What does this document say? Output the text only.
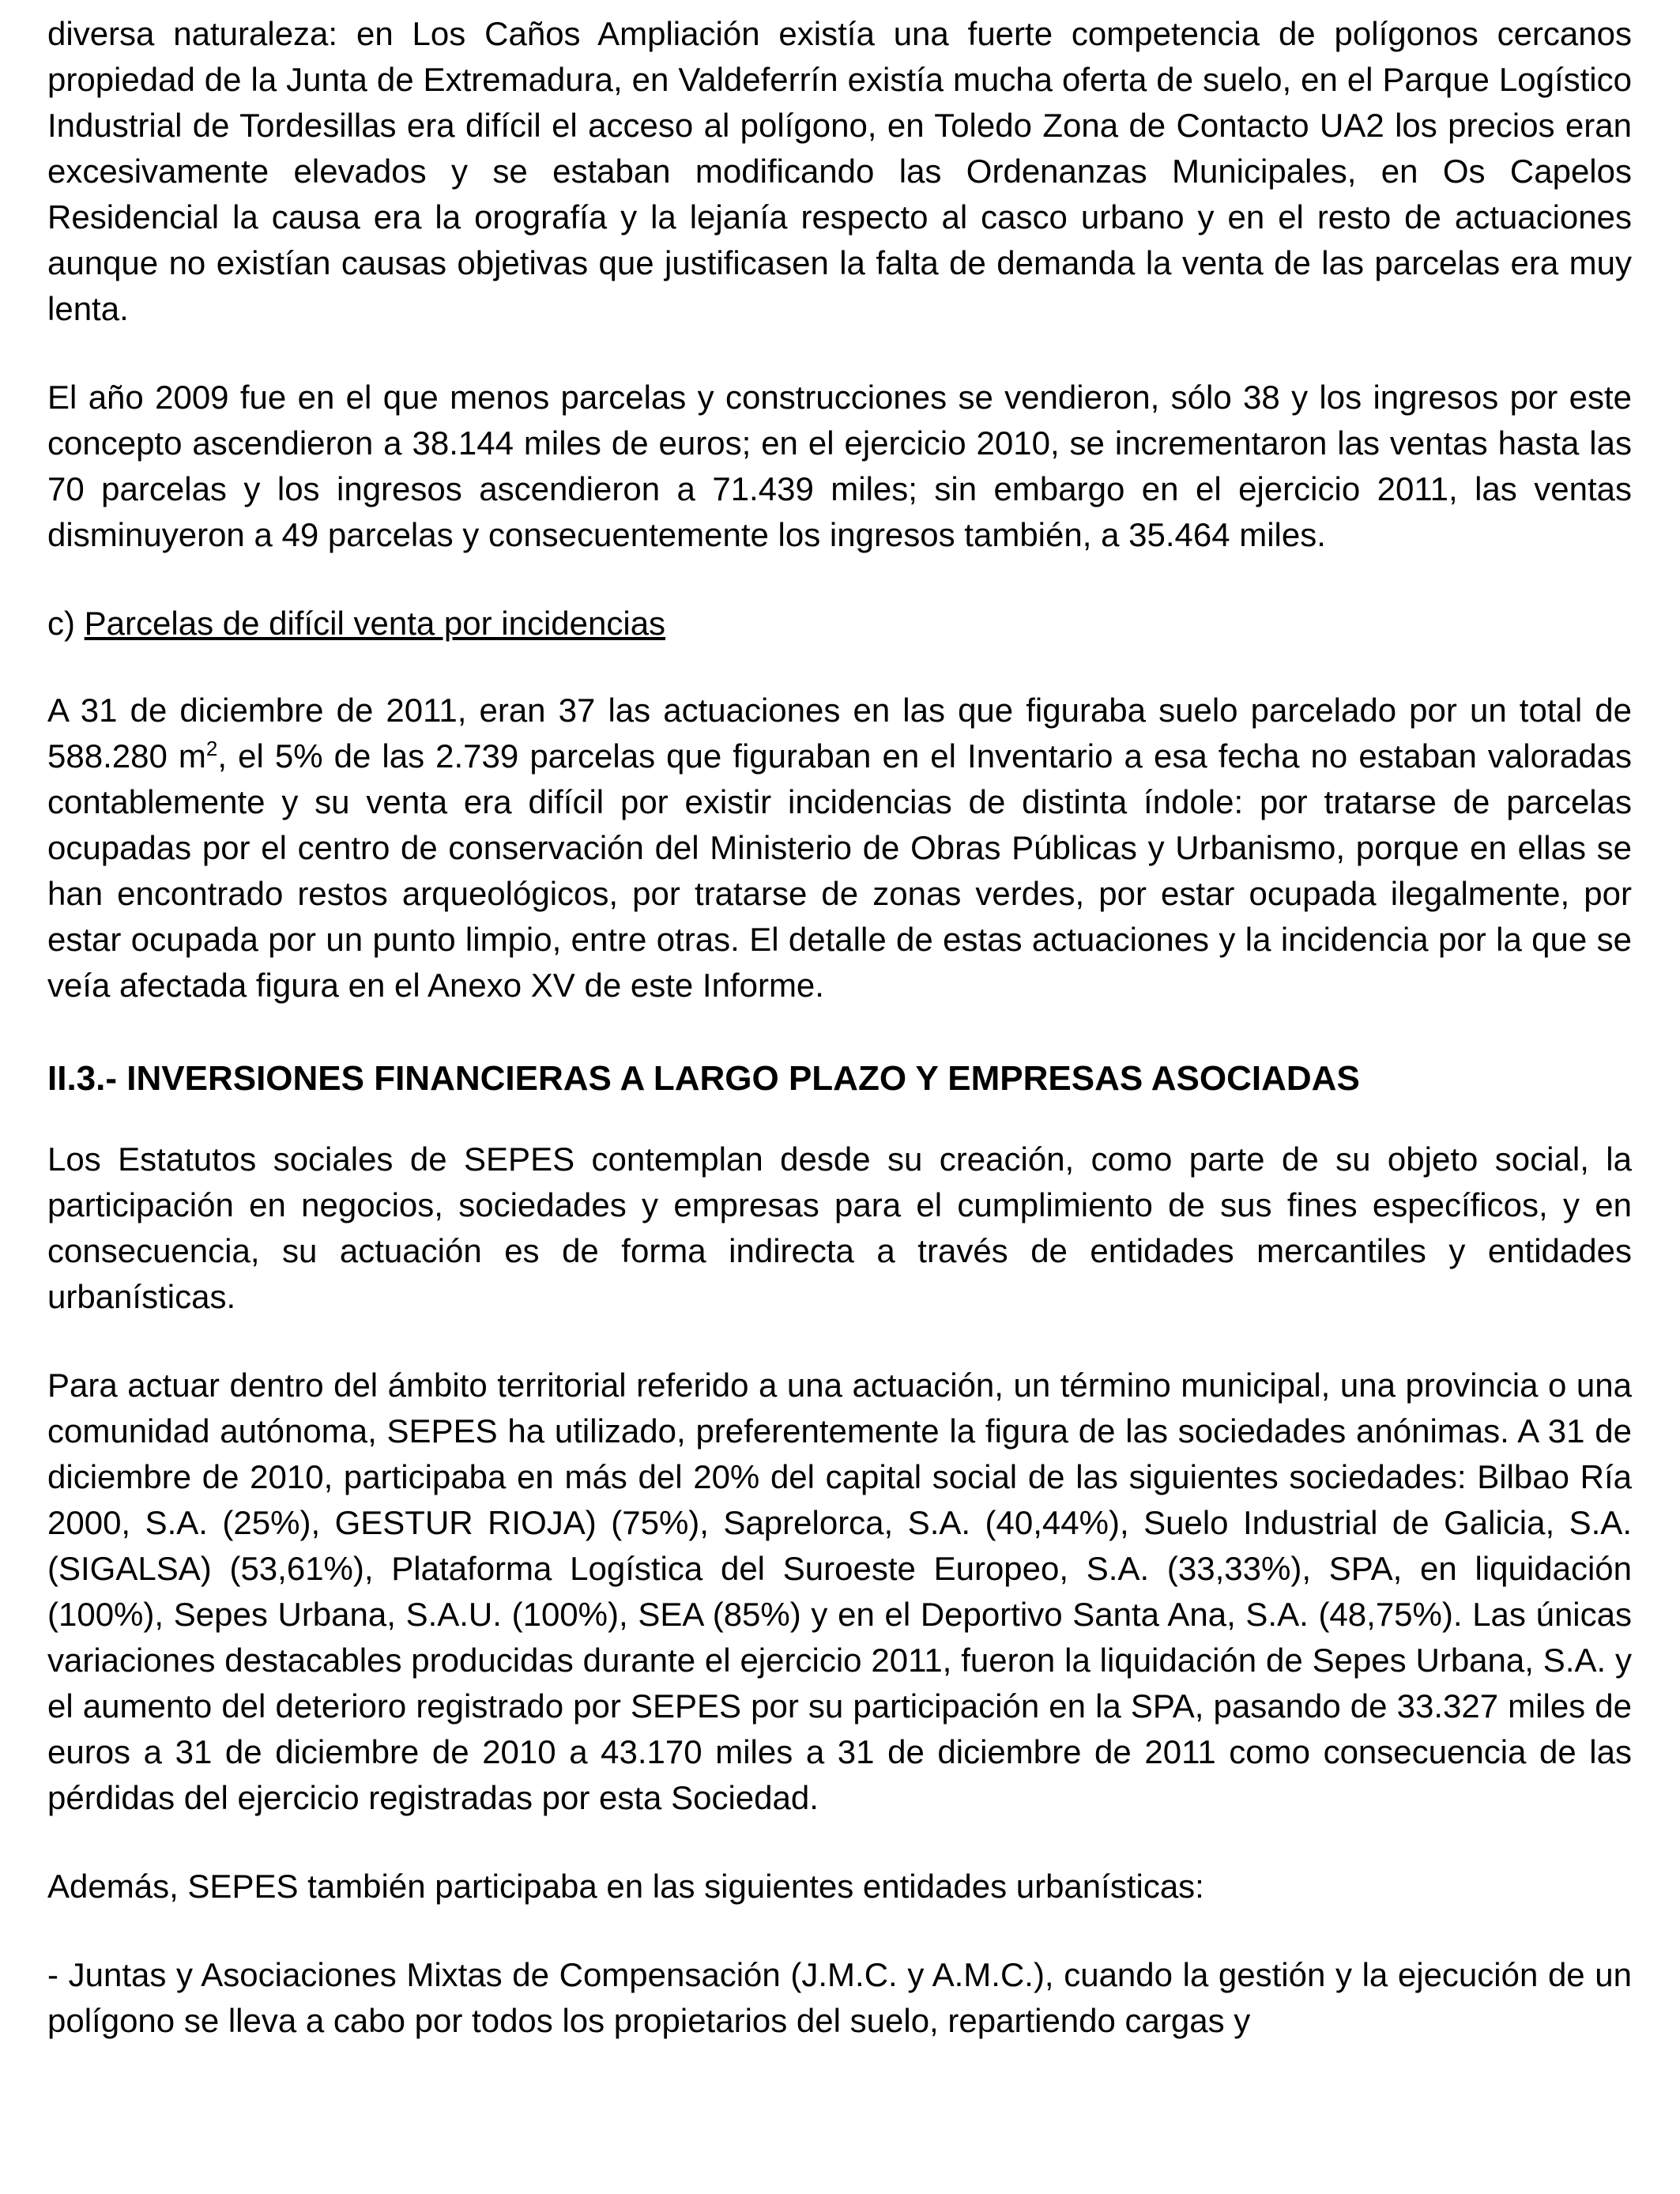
diversa naturaleza: en Los Caños Ampliación existía una fuerte competencia de polígonos cercanos propiedad de la Junta de Extremadura, en Valdeferrín existía mucha oferta de suelo, en el Parque Logístico Industrial de Tordesillas era difícil el acceso al polígono, en Toledo Zona de Contacto UA2 los precios eran excesivamente elevados y se estaban modificando las Ordenanzas Municipales, en Os Capelos Residencial la causa era la orografía y la lejanía respecto al casco urbano y en el resto de actuaciones aunque no existían causas objetivas que justificasen la falta de demanda la venta de las parcelas era muy lenta.

El año 2009 fue en el que menos parcelas y construcciones se vendieron, sólo 38 y los ingresos por este concepto ascendieron a 38.144 miles de euros; en el ejercicio 2010, se incrementaron las ventas hasta las 70 parcelas y los ingresos ascendieron a 71.439 miles; sin embargo en el ejercicio 2011, las ventas disminuyeron a 49 parcelas y consecuentemente los ingresos también, a 35.464 miles.

c) Parcelas de difícil venta por incidencias

A 31 de diciembre de 2011, eran 37 las actuaciones en las que figuraba suelo parcelado por un total de 588.280 $m^2$, el 5% de las 2.739 parcelas que figuraban en el Inventario a esa fecha no estaban valoradas contablemente y su venta era difícil por existir incidencias de distinta índole: por tratarse de parcelas ocupadas por el centro de conservación del Ministerio de Obras Públicas y Urbanismo, porque en ellas se han encontrado restos arqueológicos, por tratarse de zonas verdes, por estar ocupada ilegalmente, por estar ocupada por un punto limpio, entre otras. El detalle de estas actuaciones y la incidencia por la que se veía afectada figura en el Anexo XV de este Informe.

II.3.- INVERSIONES FINANCIERAS A LARGO PLAZO Y EMPRESAS ASOCIADAS

Los Estatutos sociales de SEPES contemplan desde su creación, como parte de su objeto social, la participación en negocios, sociedades y empresas para el cumplimiento de sus fines específicos, y en consecuencia, su actuación es de forma indirecta a través de entidades mercantiles y entidades urbanísticas.

Para actuar dentro del ámbito territorial referido a una actuación, un término municipal, una provincia o una comunidad autónoma, SEPES ha utilizado, preferentemente la figura de las sociedades anónimas. A 31 de diciembre de 2010, participaba en más del 20% del capital social de las siguientes sociedades: Bilbao Ría 2000, S.A. (25%), GESTUR RIOJA) (75%), Saprelorca, S.A. (40,44%), Suelo Industrial de Galicia, S.A. (SIGALSA) (53,61%), Plataforma Logística del Suroeste Europeo, S.A. (33,33%), SPA, en liquidación (100%), Sepes Urbana, S.A.U. (100%), SEA (85%) y en el Deportivo Santa Ana, S.A. (48,75%). Las únicas variaciones destacables producidas durante el ejercicio 2011, fueron la liquidación de Sepes Urbana, S.A. y el aumento del deterioro registrado por SEPES por su participación en la SPA, pasando de 33.327 miles de euros a 31 de diciembre de 2010 a 43.170 miles a 31 de diciembre de 2011 como consecuencia de las pérdidas del ejercicio registradas por esta Sociedad.

Además, SEPES también participaba en las siguientes entidades urbanísticas:

- Juntas y Asociaciones Mixtas de Compensación (J.M.C. y A.M.C.), cuando la gestión y la ejecución de un polígono se lleva a cabo por todos los propietarios del suelo, repartiendo cargas y
